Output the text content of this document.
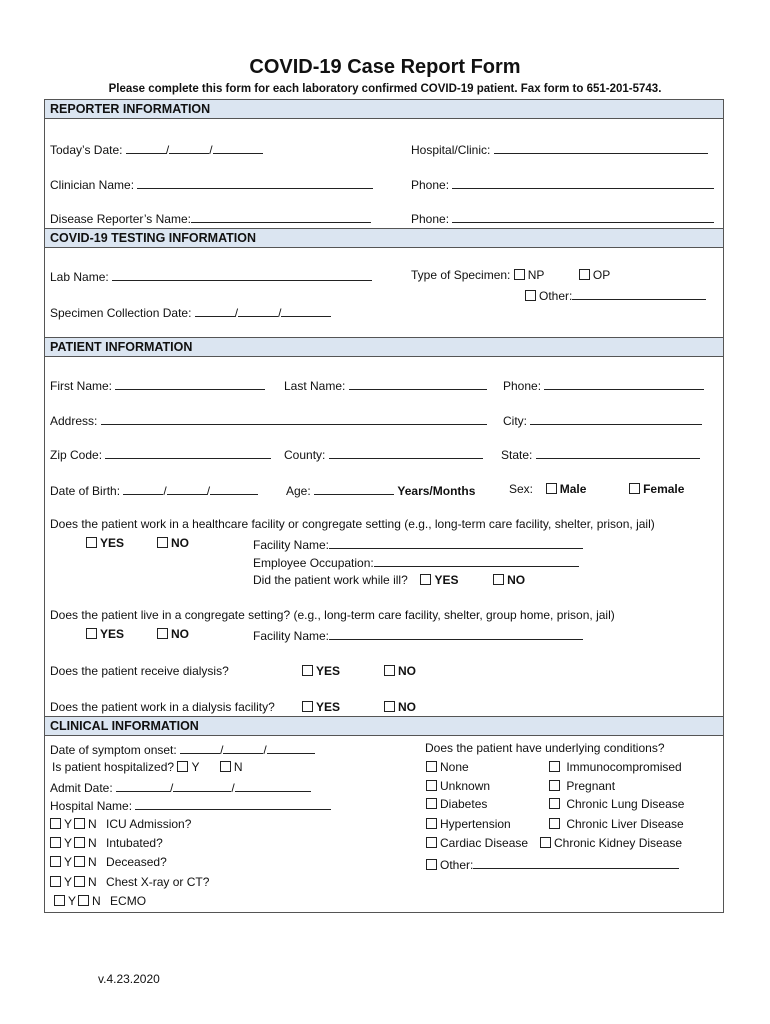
COVID-19 Case Report Form
Please complete this form for each laboratory confirmed COVID-19 patient. Fax form to 651-201-5743.
REPORTER INFORMATION
COVID-19 TESTING INFORMATION
PATIENT INFORMATION
CLINICAL INFORMATION
Today’s Date:	/	/	Hospital/Clinic:
Clinician Name:	Phone:
Disease Reporter’s Name:	Phone:
Lab Name:	Type of Specimen: NP	OP
Other:
Specimen Collection Date:	/	/
First Name:	Last Name:	Phone:
Address:	City:
Zip Code:	County:	State:
Date of Birth:	/	/	Age:	Years/Months	Sex: Male	Female
Does the patient work in a healthcare facility or congregate setting (e.g., long-term care facility, shelter, prison, jail)
YES	NO	Facility Name:
Employee Occupation:
Did the patient work while ill? YES	NO
Does the patient live in a congregate setting? (e.g., long-term care facility, shelter, group home, prison, jail)
YES	NO	Facility Name:
Does the patient receive dialysis?	YES	NO
Does the patient work in a dialysis facility?	YES	NO
Date of symptom onset:	/	/
Is patient hospitalized? Y	N
Admit Date:	/	/
Hospital Name:
Y N ICU Admission?
Y N Intubated?
Y N Deceased?
Y N Chest X-ray or CT?
Y N ECMO
Does the patient have underlying conditions?
None	Immunocompromised
Unknown	Pregnant
Diabetes	Chronic Lung Disease
Hypertension	Chronic Liver Disease
Cardiac Disease	Chronic Kidney Disease
Other:
v.4.23.2020
